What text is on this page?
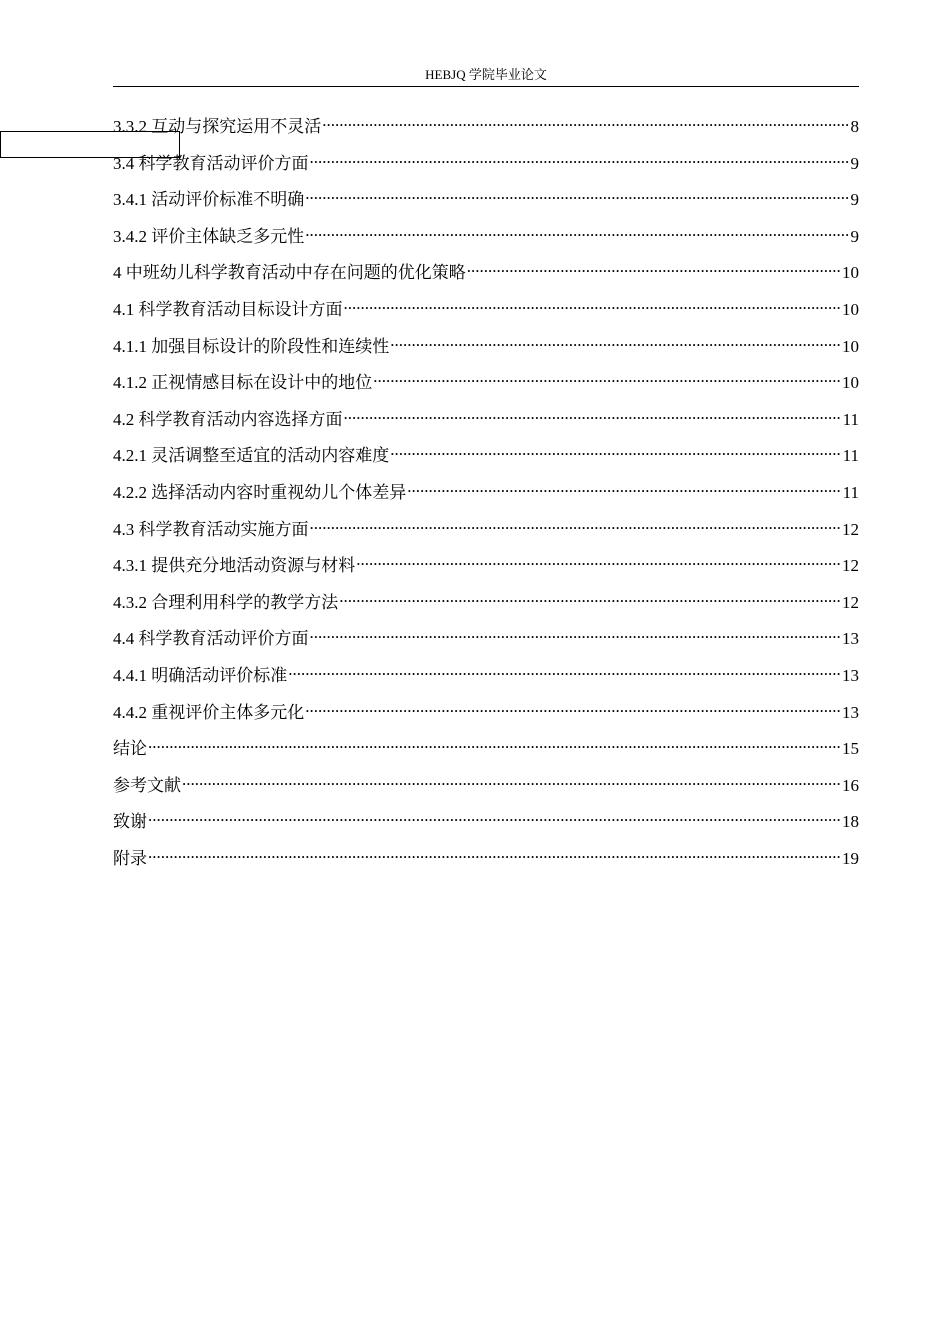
HEBJQ 学院毕业论文
3.3.2 互动与探究运用不灵活 .....	8
3.4 科学教育活动评价方面 .....	9
3.4.1 活动评价标准不明确 .....	9
3.4.2 评价主体缺乏多元性 .....	9
4 中班幼儿科学教育活动中存在问题的优化策略 .....	10
4.1 科学教育活动目标设计方面 .....	10
4.1.1 加强目标设计的阶段性和连续性 .....	10
4.1.2 正视情感目标在设计中的地位 .....	10
4.2 科学教育活动内容选择方面 .....	11
4.2.1 灵活调整至适宜的活动内容难度 .....	11
4.2.2 选择活动内容时重视幼儿个体差异 .....	11
4.3 科学教育活动实施方面 .....	12
4.3.1 提供充分地活动资源与材料 .....	12
4.3.2 合理利用科学的教学方法 .....	12
4.4 科学教育活动评价方面 .....	13
4.4.1 明确活动评价标准 .....	13
4.4.2 重视评价主体多元化 .....	13
结论 .....	15
参考文献 .....	16
致谢 .....	18
附录 .....	19
